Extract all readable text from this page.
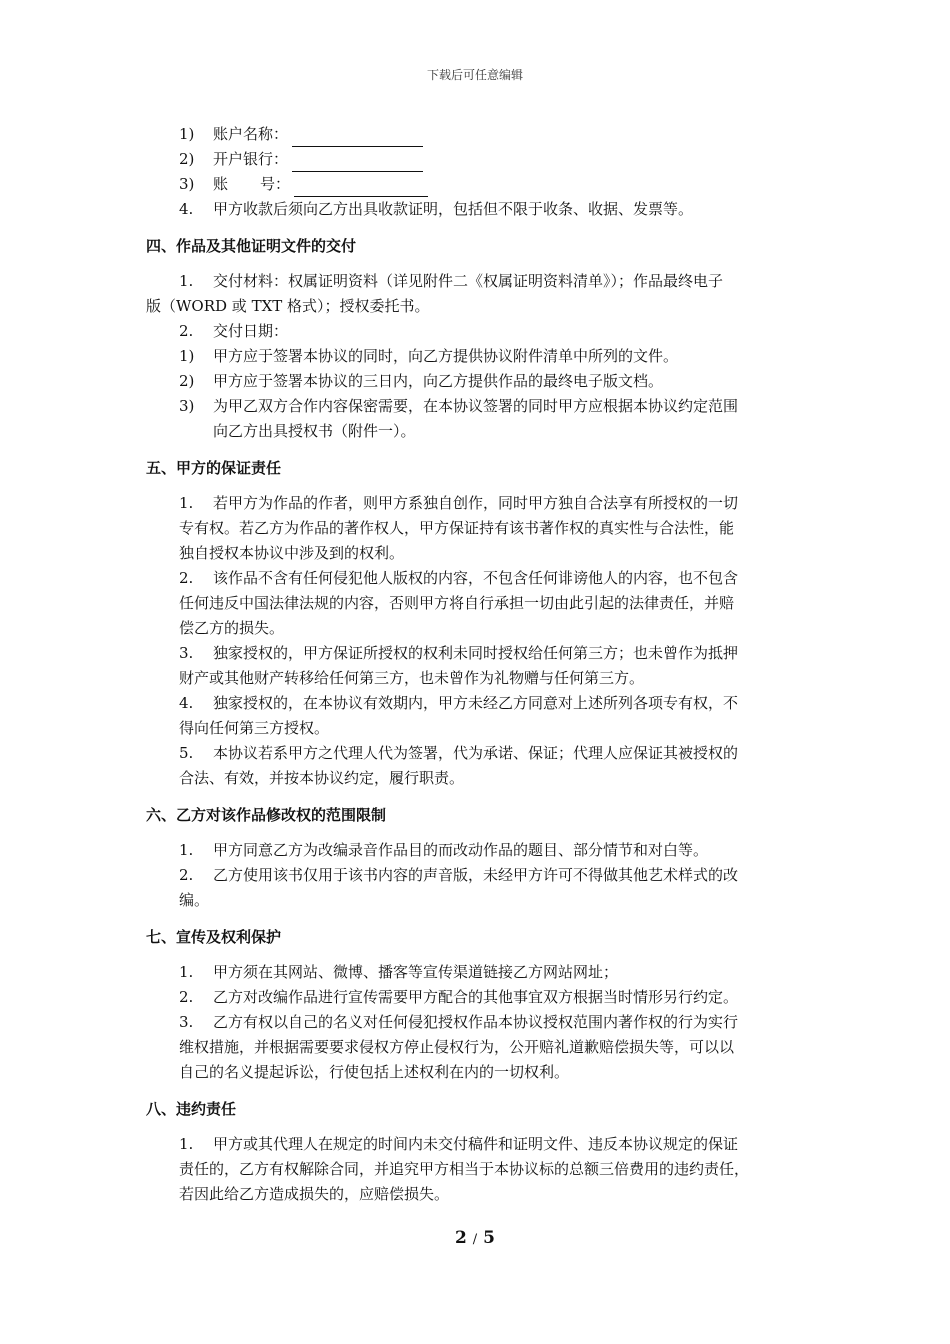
下载后可任意编辑
1) 账户名称：
2) 开户银行：
3) 账 号：
4. 甲方收款后须向乙方出具收款证明，包括但不限于收条、收据、发票等。
四、作品及其他证明文件的交付
1. 交付材料：权属证明资料（详见附件二《权属证明资料清单》）；作品最终电子
版（WORD 或 TXT 格式）；授权委托书。
2. 交付日期：
1) 甲方应于签署本协议的同时，向乙方提供协议附件清单中所列的文件。
2) 甲方应于签署本协议的三日内，向乙方提供作品的最终电子版文档。
3) 为甲乙双方合作内容保密需要，在本协议签署的同时甲方应根据本协议约定范围
向乙方出具授权书（附件一）。
五、甲方的保证责任
1. 若甲方为作品的作者，则甲方系独自创作，同时甲方独自合法享有所授权的一切
专有权。若乙方为作品的著作权人，甲方保证持有该书著作权的真实性与合法性，能
独自授权本协议中涉及到的权利。
2. 该作品不含有任何侵犯他人版权的内容，不包含任何诽谤他人的内容，也不包含
任何违反中国法律法规的内容，否则甲方将自行承担一切由此引起的法律责任，并赔
偿乙方的损失。
3. 独家授权的，甲方保证所授权的权利未同时授权给任何第三方；也未曾作为抵押
财产或其他财产转移给任何第三方，也未曾作为礼物赠与任何第三方。
4. 独家授权的，在本协议有效期内，甲方未经乙方同意对上述所列各项专有权，不
得向任何第三方授权。
5. 本协议若系甲方之代理人代为签署，代为承诺、保证；代理人应保证其被授权的
合法、有效，并按本协议约定，履行职责。
六、乙方对该作品修改权的范围限制
1. 甲方同意乙方为改编录音作品目的而改动作品的题目、部分情节和对白等。
2. 乙方使用该书仅用于该书内容的声音版，未经甲方许可不得做其他艺术样式的改
编。
七、宣传及权利保护
1. 甲方须在其网站、微博、播客等宣传渠道链接乙方网站网址；
2. 乙方对改编作品进行宣传需要甲方配合的其他事宜双方根据当时情形另行约定。
3. 乙方有权以自己的名义对任何侵犯授权作品本协议授权范围内著作权的行为实行
维权措施，并根据需要要求侵权方停止侵权行为，公开赔礼道歉赔偿损失等，可以以
自己的名义提起诉讼，行使包括上述权利在内的一切权利。
八、违约责任
1. 甲方或其代理人在规定的时间内未交付稿件和证明文件、违反本协议规定的保证
责任的，乙方有权解除合同，并追究甲方相当于本协议标的总额三倍费用的违约责任，
若因此给乙方造成损失的，应赔偿损失。
2 / 5
